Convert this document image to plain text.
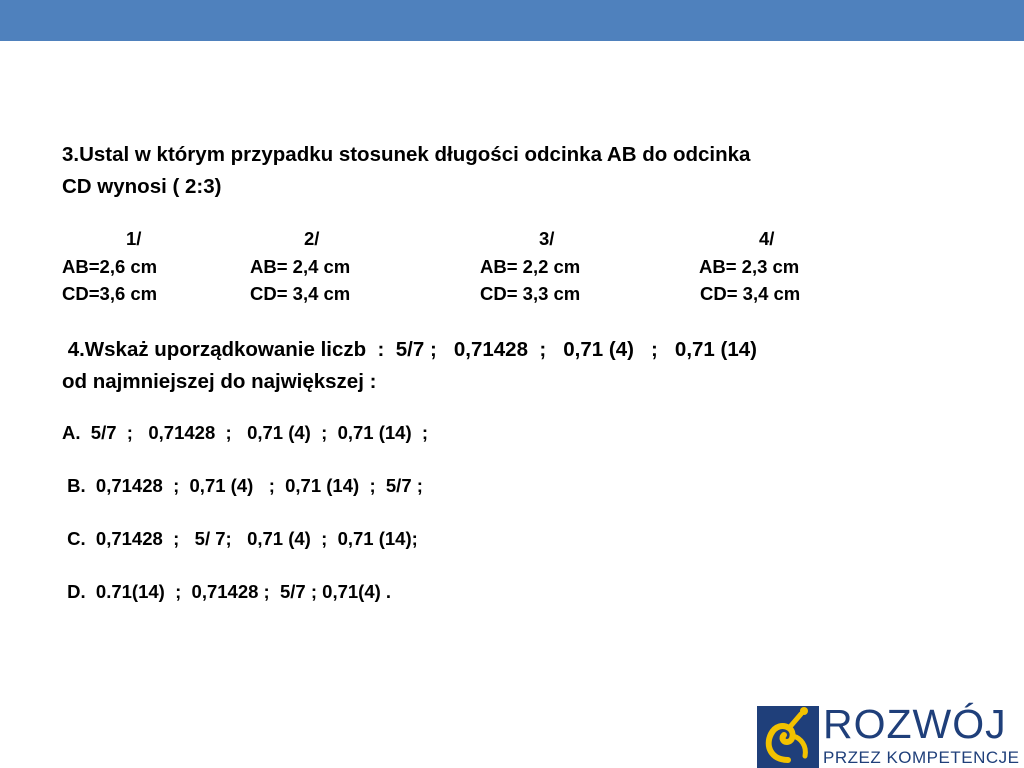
3.Ustal w którym przypadku stosunek długości odcinka AB do odcinka
CD wynosi ( 2:3)
1/	2/	3/	4/
AB=2,6 cm	AB= 2,4 cm	AB= 2,2 cm	AB= 2,3 cm
CD=3,6 cm	CD= 3,4 cm	CD= 3,3 cm	CD= 3,4 cm
4.Wskaż uporządkowanie liczb  :  5/7 ;   0,71428  ;   0,71 (4)   ;   0,71 (14)
od najmniejszej do największej :
A.  5/7  ;   0,71428  ;   0,71 (4)  ;  0,71 (14)  ;
B.  0,71428  ;  0,71 (4)   ;  0,71 (14)  ;  5/7 ;
C.  0,71428  ;   5/ 7;   0,71 (4)  ;  0,71 (14);
D.  0.71(14)  ;  0,71428 ;  5/7 ; 0,71(4) .
ROZWÓJ
PRZEZ KOMPETENCJE
